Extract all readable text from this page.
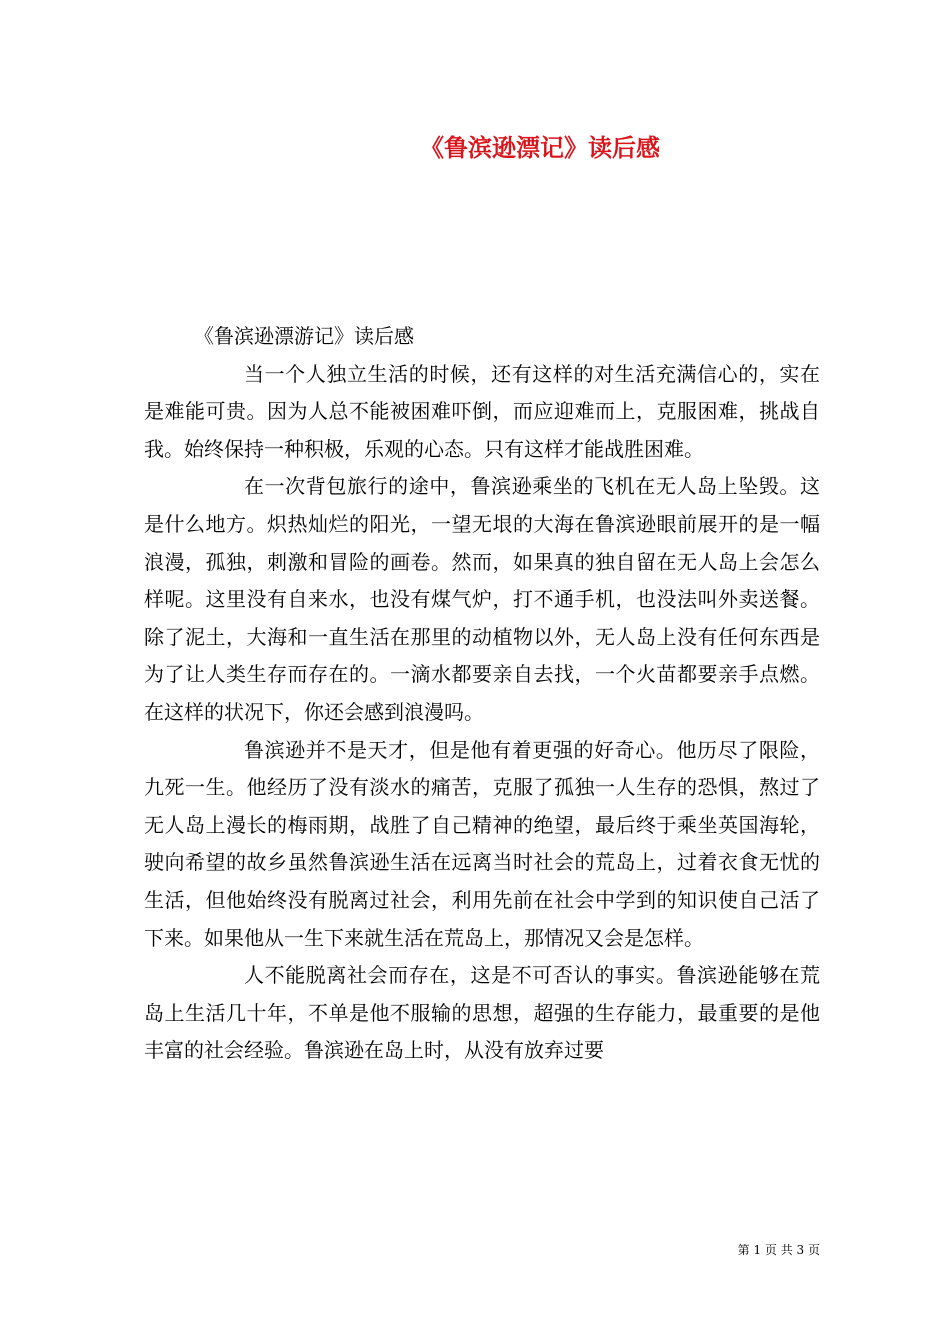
《鲁滨逊漂记》读后感

《鲁滨逊漂游记》读后感

当一个人独立生活的时候，还有这样的对生活充满信心的，实在是难能可贵。因为人总不能被困难吓倒，而应迎难而上，克服困难，挑战自我。始终保持一种积极，乐观的心态。只有这样才能战胜困难。

在一次背包旅行的途中，鲁滨逊乘坐的飞机在无人岛上坠毁。这是什么地方。炽热灿烂的阳光，一望无垠的大海在鲁滨逊眼前展开的是一幅浪漫，孤独，刺激和冒险的画卷。然而，如果真的独自留在无人岛上会怎么样呢。这里没有自来水，也没有煤气炉，打不通手机，也没法叫外卖送餐。除了泥土，大海和一直生活在那里的动植物以外，无人岛上没有任何东西是为了让人类生存而存在的。一滴水都要亲自去找，一个火苗都要亲手点燃。在这样的状况下，你还会感到浪漫吗。

鲁滨逊并不是天才，但是他有着更强的好奇心。他历尽了限险，九死一生。他经历了没有淡水的痛苦，克服了孤独一人生存的恐惧，熬过了无人岛上漫长的梅雨期，战胜了自己精神的绝望，最后终于乘坐英国海轮，驶向希望的故乡虽然鲁滨逊生活在远离当时社会的荒岛上，过着衣食无忧的生活，但他始终没有脱离过社会，利用先前在社会中学到的知识使自己活了下来。如果他从一生下来就生活在荒岛上，那情况又会是怎样。

人不能脱离社会而存在，这是不可否认的事实。鲁滨逊能够在荒岛上生活几十年，不单是他不服输的思想，超强的生存能力，最重要的是他丰富的社会经验。鲁滨逊在岛上时，从没有放弃过要

第 1 页 共 3 页
